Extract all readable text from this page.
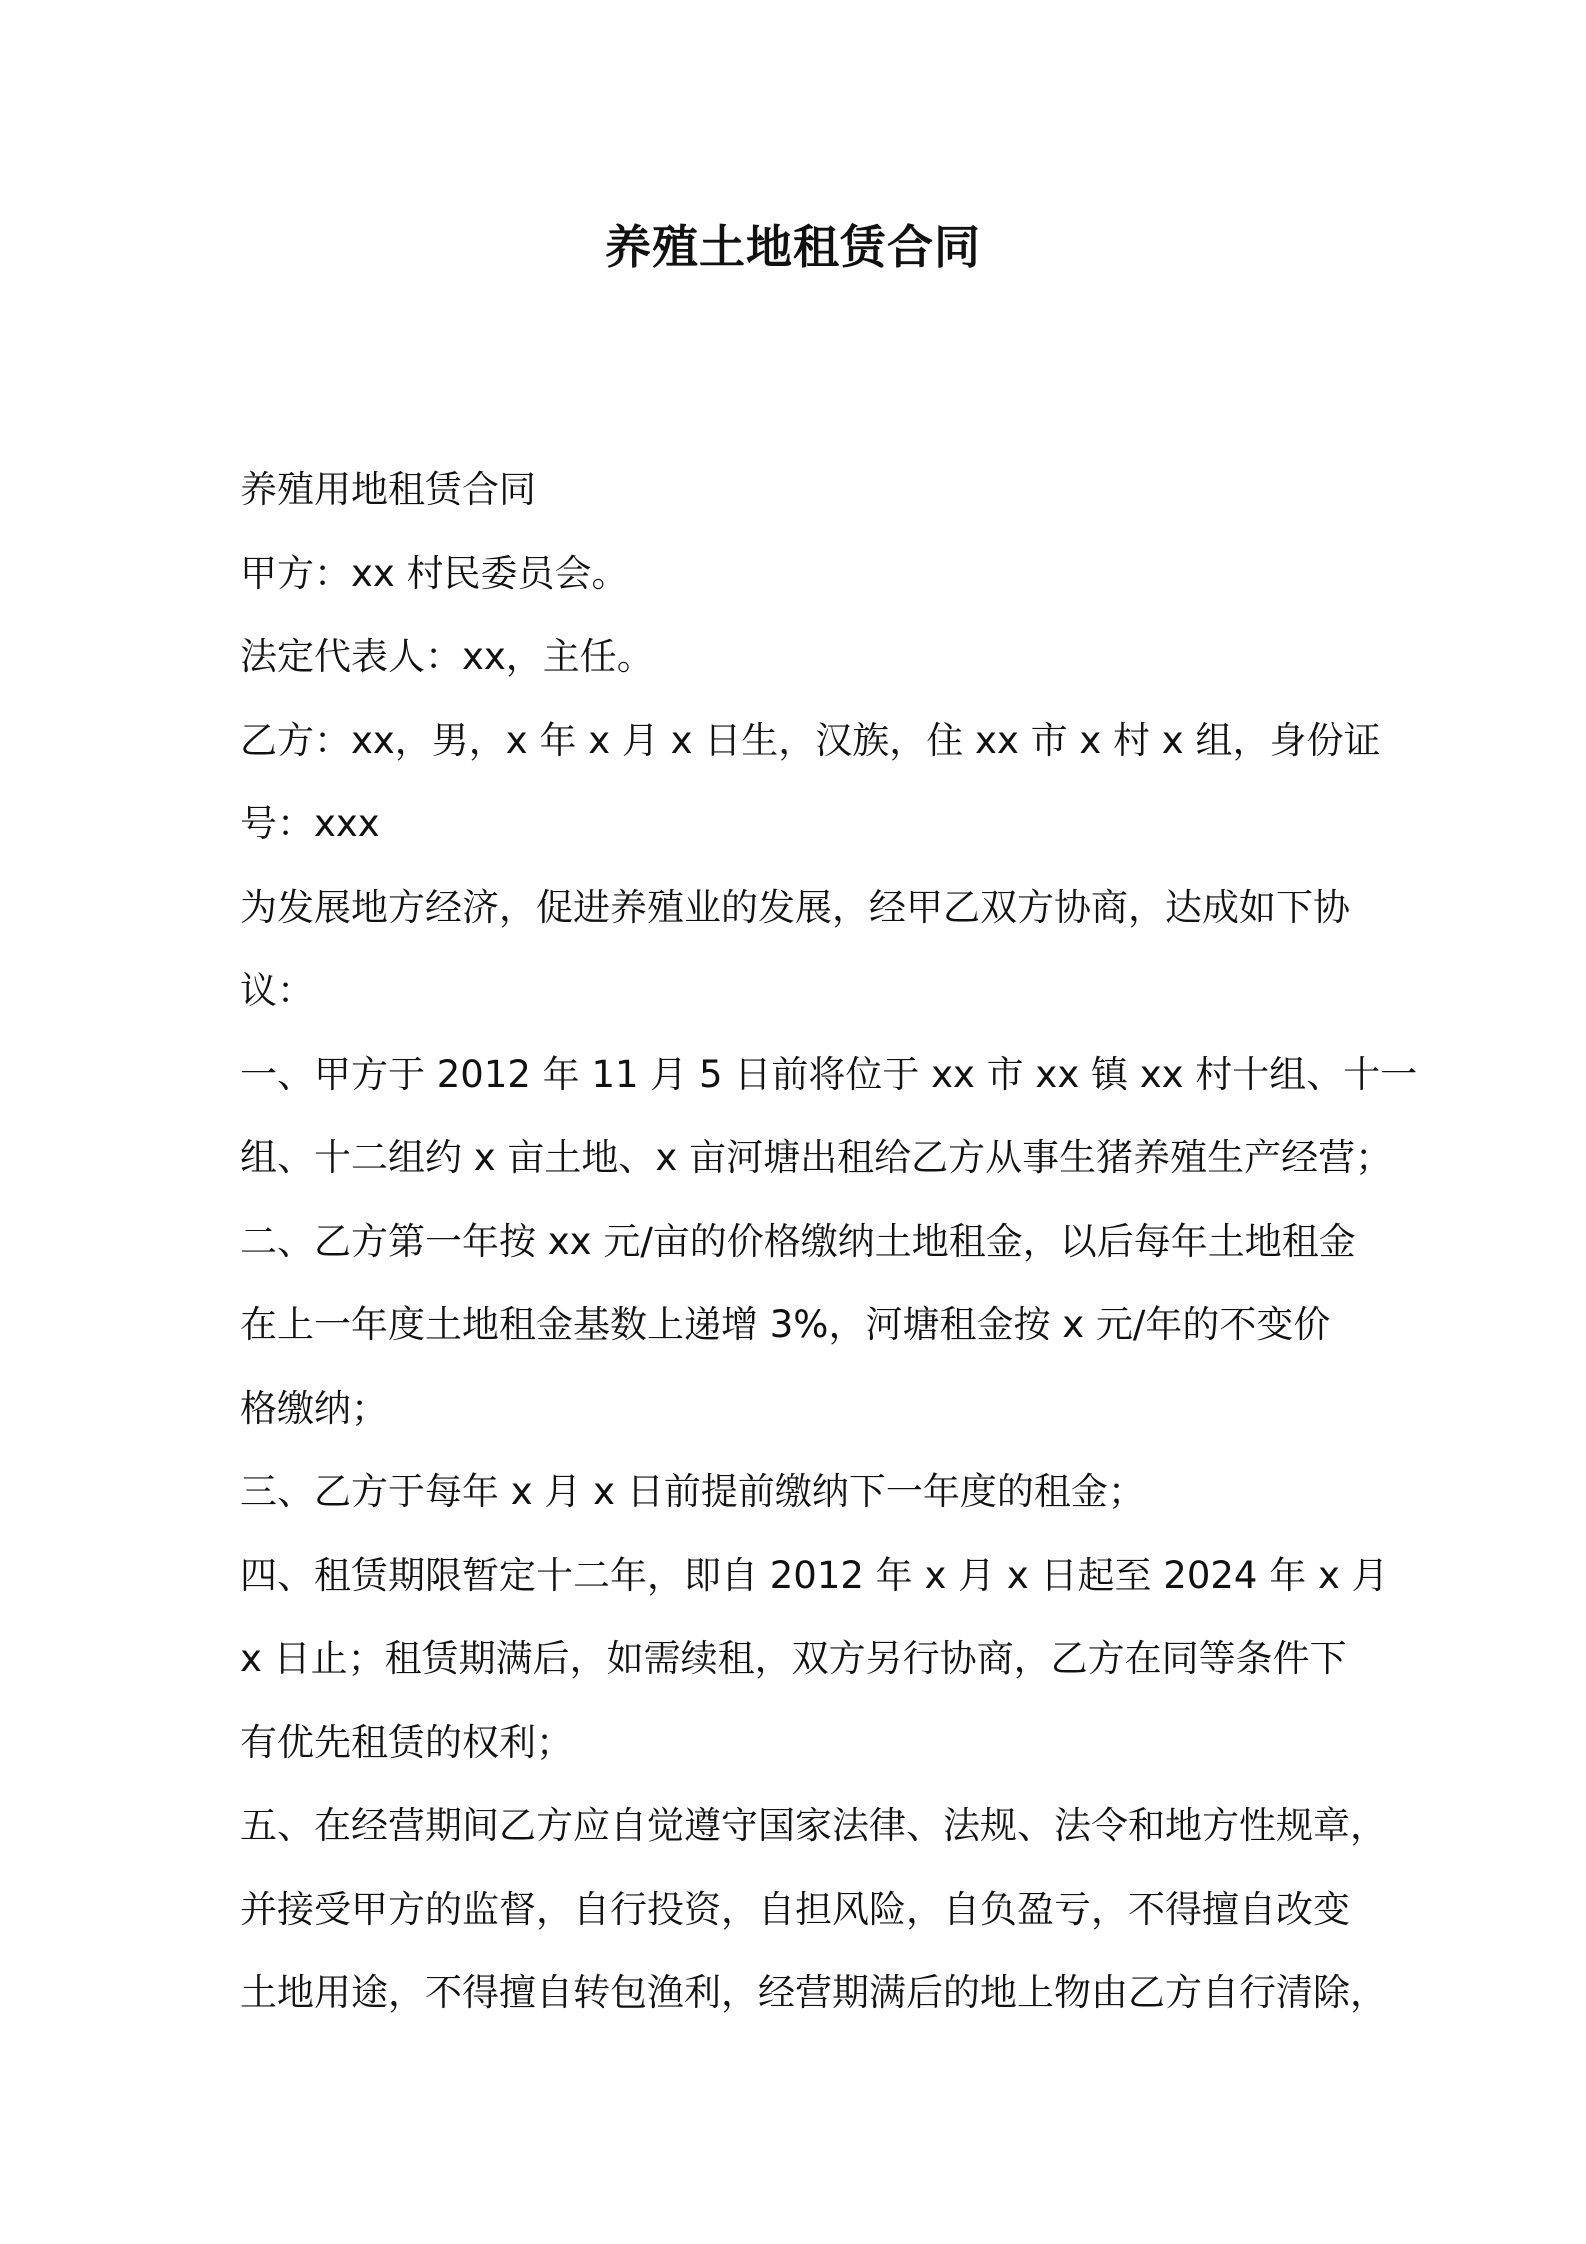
养殖土地租赁合同

养殖用地租赁合同

甲方：xx 村民委员会。

法定代表人：xx，主任。

乙方：xx，男，x 年 x 月 x 日生，汉族，住 xx 市 x 村 x 组，身份证

号：xxx

为发展地方经济，促进养殖业的发展，经甲乙双方协商，达成如下协

议：

一、甲方于 2012 年 11 月 5 日前将位于 xx 市 xx 镇 xx 村十组、十一

组、十二组约 x 亩土地、x 亩河塘出租给乙方从事生猪养殖生产经营；

二、乙方第一年按 xx 元/亩的价格缴纳土地租金，以后每年土地租金

在上一年度土地租金基数上递增 3%，河塘租金按 x 元/年的不变价

格缴纳；

三、乙方于每年 x 月 x 日前提前缴纳下一年度的租金；

四、租赁期限暂定十二年，即自 2012 年 x 月 x 日起至 2024 年 x 月

x 日止；租赁期满后，如需续租，双方另行协商，乙方在同等条件下

有优先租赁的权利；

五、在经营期间乙方应自觉遵守国家法律、法规、法令和地方性规章，

并接受甲方的监督，自行投资，自担风险，自负盈亏，不得擅自改变

土地用途，不得擅自转包渔利，经营期满后的地上物由乙方自行清除，
